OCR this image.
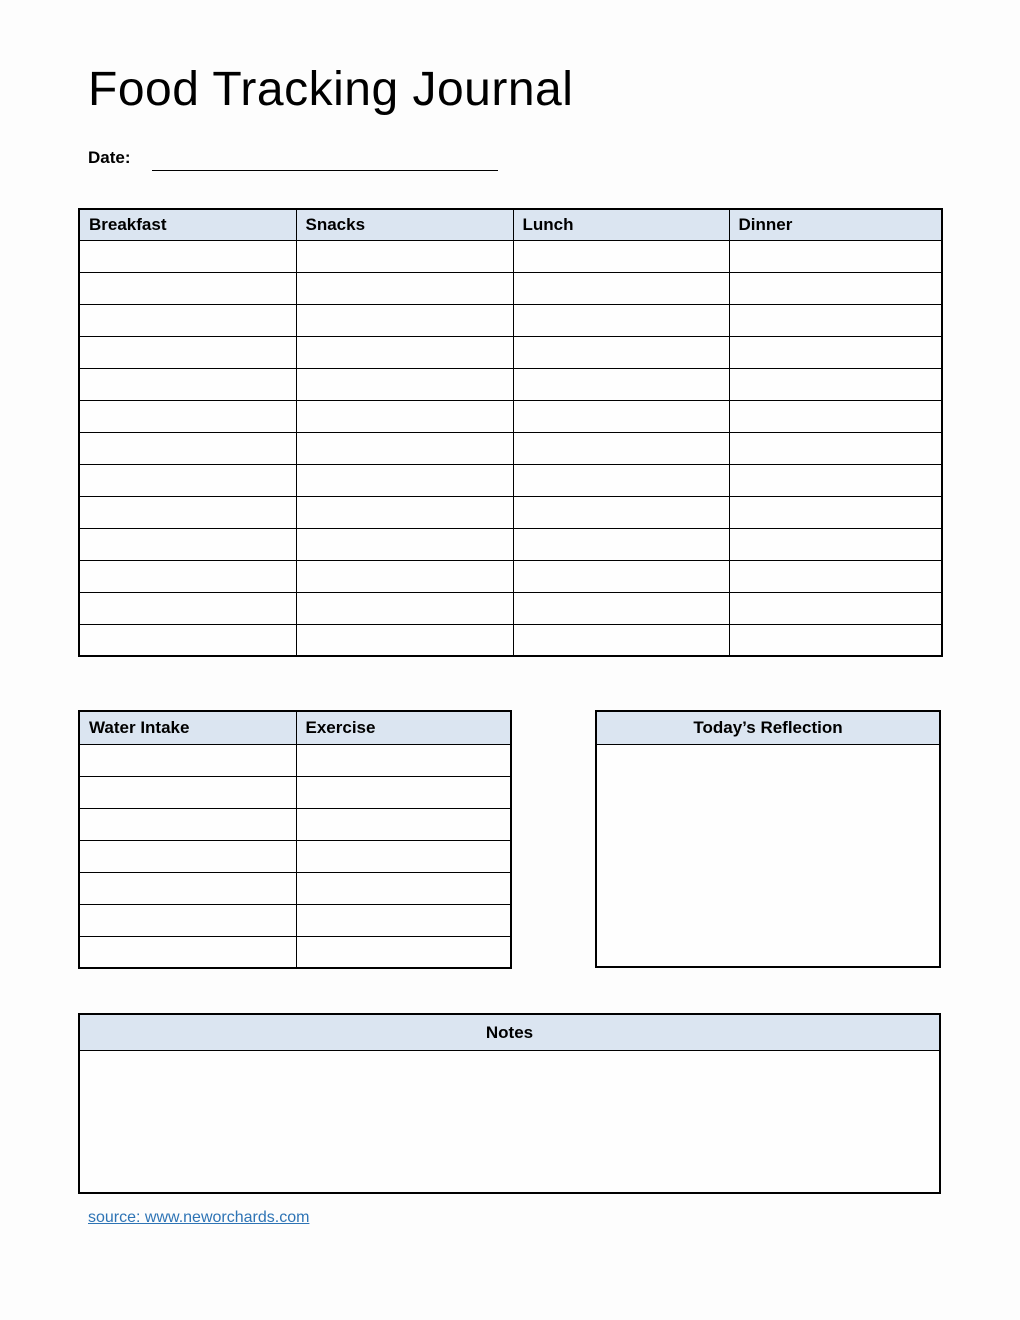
Food Tracking Journal
Date:
Breakfast	Snacks	Lunch	Dinner

Water Intake	Exercise

		Today’s Reflection
Notes
source: www.neworchards.com
